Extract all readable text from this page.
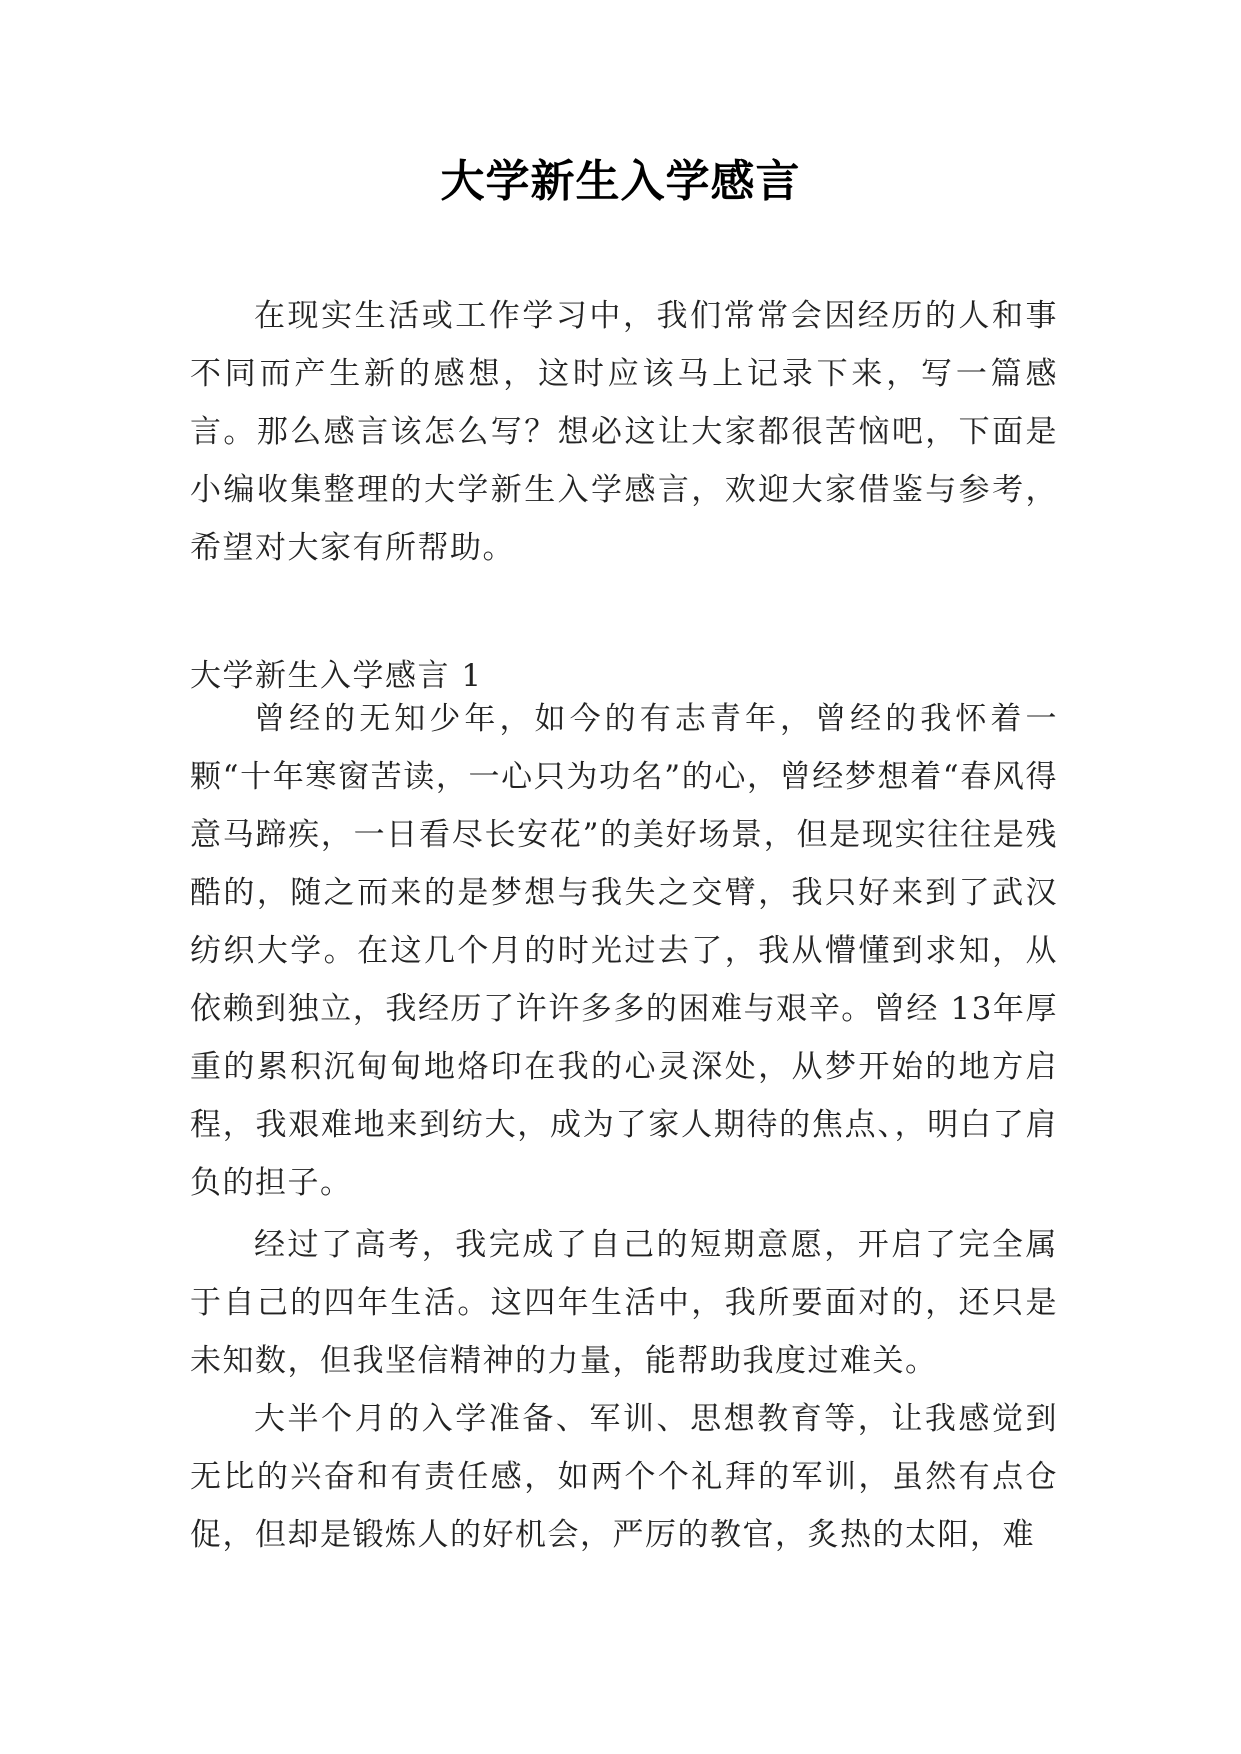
大学新生入学感言
在现实生活或工作学习中，我们常常会因经历的人和事不同而产生新的感想，这时应该马上记录下来，写一篇感言。那么感言该怎么写？想必这让大家都很苦恼吧，下面是小编收集整理的大学新生入学感言，欢迎大家借鉴与参考，希望对大家有所帮助。
大学新生入学感言 1
曾经的无知少年，如今的有志青年，曾经的我怀着一颗“十年寒窗苦读，一心只为功名”的心，曾经梦想着“春风得意马蹄疾，一日看尽长安花”的美好场景，但是现实往往是残酷的，随之而来的是梦想与我失之交臂，我只好来到了武汉纺织大学。在这几个月的时光过去了，我从懵懂到求知，从依赖到独立，我经历了许许多多的困难与艰辛。曾经 13年厚重的累积沉甸甸地烙印在我的心灵深处，从梦开始的地方启程，我艰难地来到纺大，成为了家人期待的焦点、，明白了肩负的担子。
经过了高考，我完成了自己的短期意愿，开启了完全属于自己的四年生活。这四年生活中，我所要面对的，还只是未知数，但我坚信精神的力量，能帮助我度过难关。
大半个月的入学准备、军训、思想教育等，让我感觉到无比的兴奋和有责任感，如两个个礼拜的军训，虽然有点仓促，但却是锻炼人的好机会，严厉的教官，炙热的太阳，难
